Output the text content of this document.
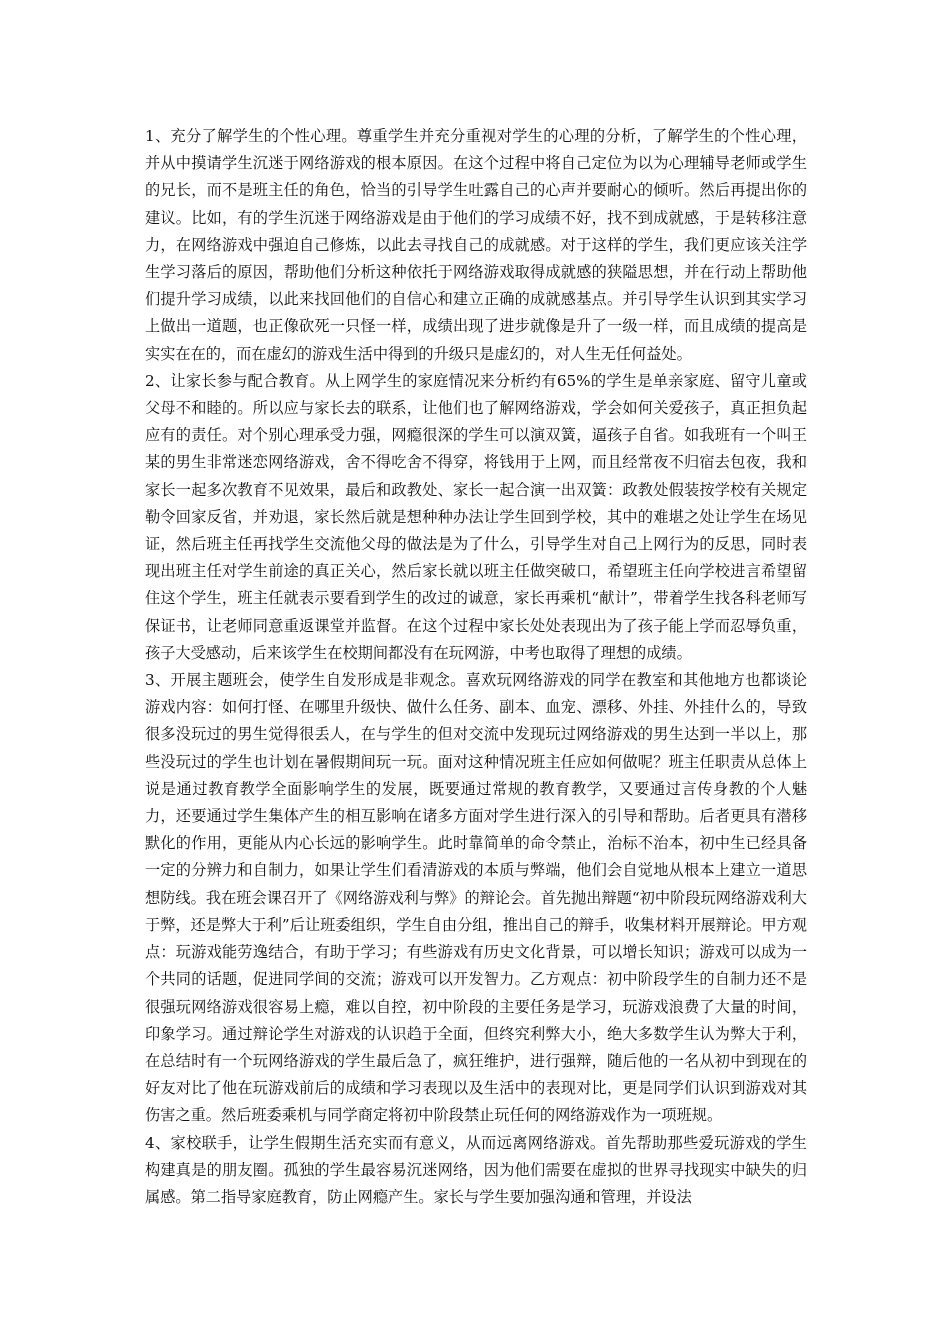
1、充分了解学生的个性心理。尊重学生并充分重视对学生的心理的分析，了解学生的个性心理，并从中摸请学生沉迷于网络游戏的根本原因。在这个过程中将自己定位为以为心理辅导老师或学生的兄长，而不是班主任的角色，恰当的引导学生吐露自己的心声并要耐心的倾听。然后再提出你的建议。比如，有的学生沉迷于网络游戏是由于他们的学习成绩不好，找不到成就感，于是转移注意力，在网络游戏中强迫自己修炼，以此去寻找自己的成就感。对于这样的学生，我们更应该关注学生学习落后的原因，帮助他们分析这种依托于网络游戏取得成就感的狭隘思想，并在行动上帮助他们提升学习成绩，以此来找回他们的自信心和建立正确的成就感基点。并引导学生认识到其实学习上做出一道题，也正像砍死一只怪一样，成绩出现了进步就像是升了一级一样，而且成绩的提高是实实在在的，而在虚幻的游戏生活中得到的升级只是虚幻的，对人生无任何益处。

2、让家长参与配合教育。从上网学生的家庭情况来分析约有65%的学生是单亲家庭、留守儿童或父母不和睦的。所以应与家长去的联系，让他们也了解网络游戏，学会如何关爱孩子，真正担负起应有的责任。对个别心理承受力强，网瘾很深的学生可以演双簧，逼孩子自省。如我班有一个叫王某的男生非常迷恋网络游戏，舍不得吃舍不得穿，将钱用于上网，而且经常夜不归宿去包夜，我和家长一起多次教育不见效果，最后和政教处、家长一起合演一出双簧：政教处假装按学校有关规定勒令回家反省，并劝退，家长然后就是想种种办法让学生回到学校，其中的难堪之处让学生在场见证，然后班主任再找学生交流他父母的做法是为了什么，引导学生对自己上网行为的反思，同时表现出班主任对学生前途的真正关心，然后家长就以班主任做突破口，希望班主任向学校进言希望留住这个学生，班主任就表示要看到学生的改过的诚意，家长再乘机“献计”，带着学生找各科老师写保证书，让老师同意重返课堂并监督。在这个过程中家长处处表现出为了孩子能上学而忍辱负重，孩子大受感动，后来该学生在校期间都没有在玩网游，中考也取得了理想的成绩。

3、开展主题班会，使学生自发形成是非观念。喜欢玩网络游戏的同学在教室和其他地方也都谈论游戏内容：如何打怪、在哪里升级快、做什么任务、副本、血宠、漂移、外挂、外挂什么的，导致很多没玩过的男生觉得很丢人，在与学生的但对交流中发现玩过网络游戏的男生达到一半以上，那些没玩过的学生也计划在暑假期间玩一玩。面对这种情况班主任应如何做呢？班主任职责从总体上说是通过教育教学全面影响学生的发展，既要通过常规的教育教学，又要通过言传身教的个人魅力，还要通过学生集体产生的相互影响在诸多方面对学生进行深入的引导和帮助。后者更具有潜移默化的作用，更能从内心长远的影响学生。此时靠简单的命令禁止，治标不治本，初中生已经具备一定的分辨力和自制力，如果让学生们看清游戏的本质与弊端，他们会自觉地从根本上建立一道思想防线。我在班会课召开了《网络游戏利与弊》的辩论会。首先抛出辩题“初中阶段玩网络游戏利大于弊，还是弊大于利”后让班委组织，学生自由分组，推出自己的辩手，收集材料开展辩论。甲方观点：玩游戏能劳逸结合，有助于学习；有些游戏有历史文化背景，可以增长知识；游戏可以成为一个共同的话题，促进同学间的交流；游戏可以开发智力。乙方观点：初中阶段学生的自制力还不是很强玩网络游戏很容易上瘾，难以自控，初中阶段的主要任务是学习，玩游戏浪费了大量的时间，印象学习。通过辩论学生对游戏的认识趋于全面，但终究利弊大小，绝大多数学生认为弊大于利，在总结时有一个玩网络游戏的学生最后急了，疯狂维护，进行强辩，随后他的一名从初中到现在的好友对比了他在玩游戏前后的成绩和学习表现以及生活中的表现对比，更是同学们认识到游戏对其伤害之重。然后班委乘机与同学商定将初中阶段禁止玩任何的网络游戏作为一项班规。

4、家校联手，让学生假期生活充实而有意义，从而远离网络游戏。首先帮助那些爱玩游戏的学生构建真是的朋友圈。孤独的学生最容易沉迷网络，因为他们需要在虚拟的世界寻找现实中缺失的归属感。第二指导家庭教育，防止网瘾产生。家长与学生要加强沟通和管理，并设法
